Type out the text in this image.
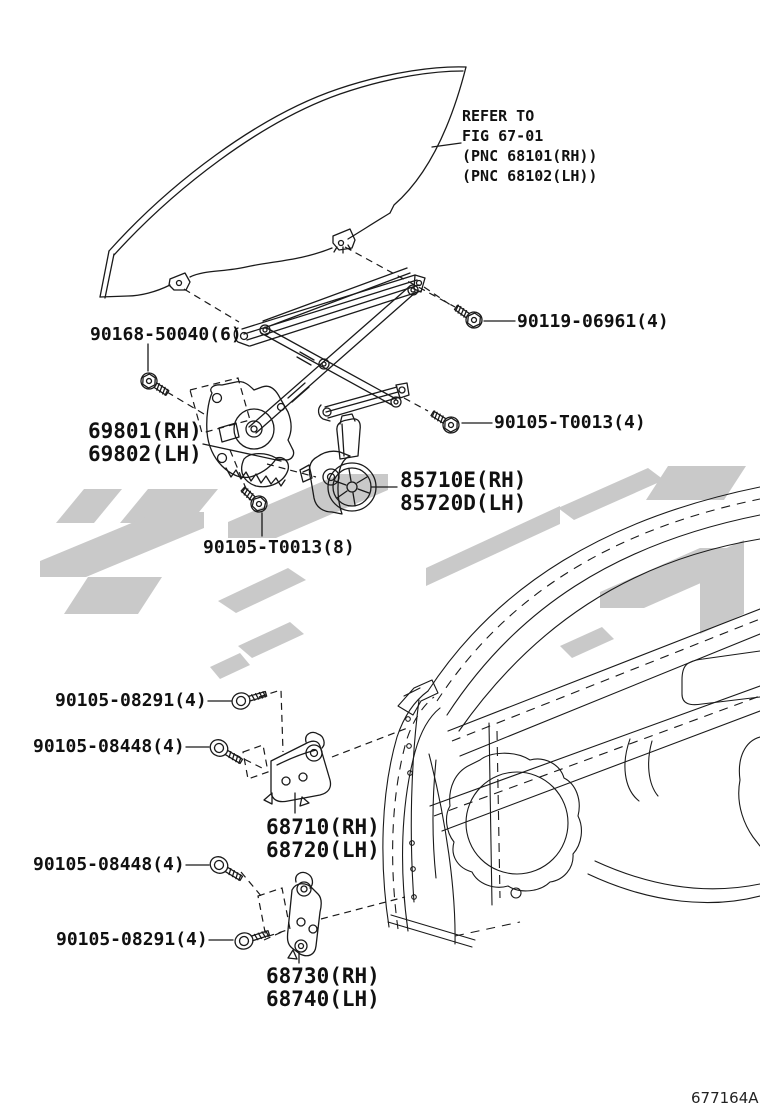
REFER TO
FIG 67-01
(PNC 68101(RH))
(PNC 68102(LH))
90168-50040(6)
90119-06961(4)
69801(RH)
69802(LH)
90105-T0013(4)
85710E(RH)
85720D(LH)
90105-T0013(8)
90105-08291(4)
90105-08448(4)
68710(RH)
68720(LH)
90105-08448(4)
90105-08291(4)
68730(RH)
68740(LH)
677164A
